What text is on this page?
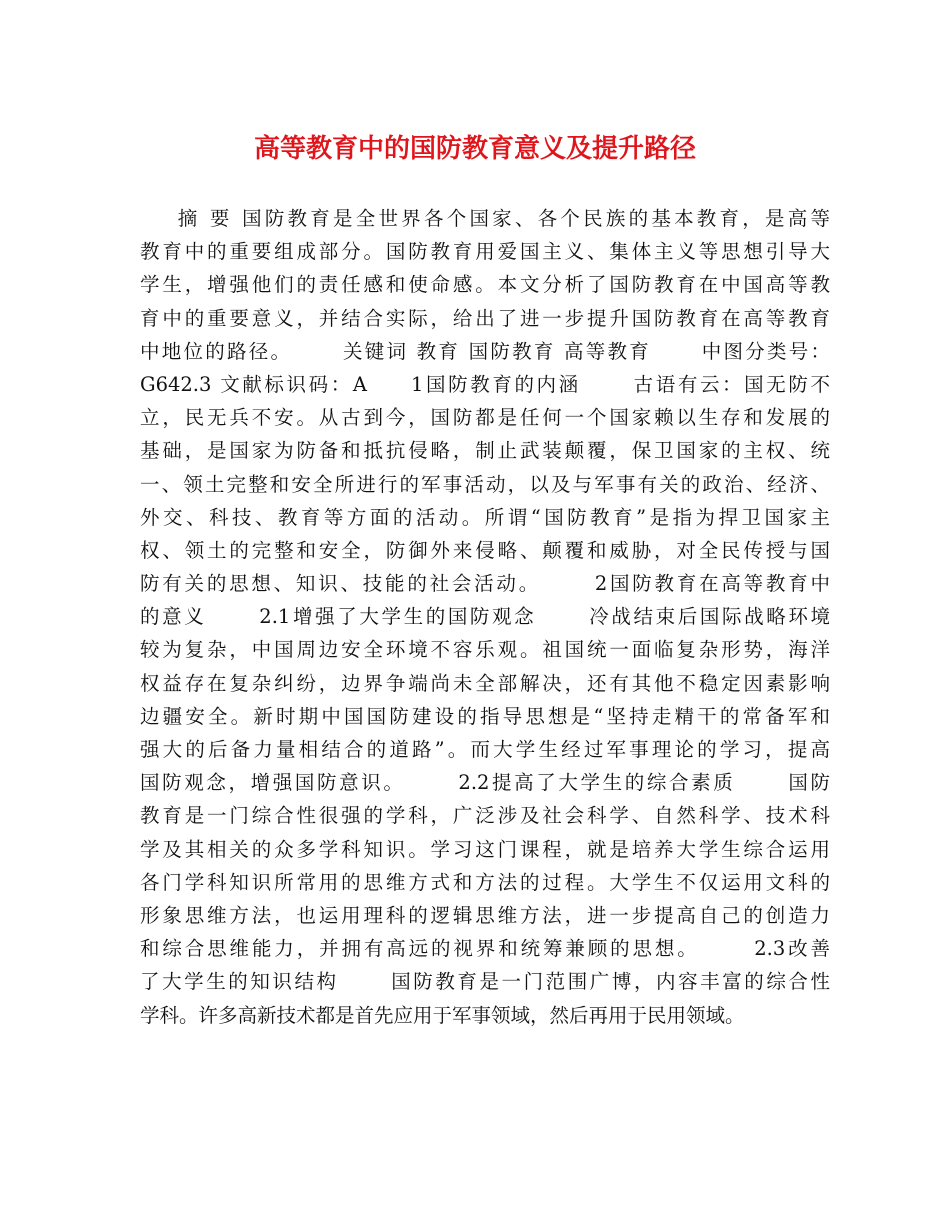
高等教育中的国防教育意义及提升路径
摘 要 国防教育是全世界各个国家、各个民族的基本教育，是高等
教育中的重要组成部分。国防教育用爱国主义、集体主义等思想引导大
学生，增强他们的责任感和使命感。本文分析了国防教育在中国高等教
育中的重要意义，并结合实际，给出了进一步提升国防教育在高等教育
中地位的路径。      关键词 教育 国防教育 高等教育      中图分类号：
G642.3 文献标识码：A     1国防教育的内涵      古语有云：国无防不
立，民无兵不安。从古到今，国防都是任何一个国家赖以生存和发展的
基础，是国家为防备和抵抗侵略，制止武装颠覆，保卫国家的主权、统
一、领土完整和安全所进行的军事活动，以及与军事有关的政治、经济、
外交、科技、教育等方面的活动。所谓“国防教育”是指为捍卫国家主
权、领土的完整和安全，防御外来侵略、颠覆和威胁，对全民传授与国
防有关的思想、知识、技能的社会活动。      2国防教育在高等教育中
的意义      2.1增强了大学生的国防观念      冷战结束后国际战略环境
较为复杂，中国周边安全环境不容乐观。祖国统一面临复杂形势，海洋
权益存在复杂纠纷，边界争端尚未全部解决，还有其他不稳定因素影响
边疆安全。新时期中国国防建设的指导思想是“坚持走精干的常备军和
强大的后备力量相结合的道路”。而大学生经过军事理论的学习，提高
国防观念，增强国防意识。      2.2提高了大学生的综合素质      国防
教育是一门综合性很强的学科，广泛涉及社会科学、自然科学、技术科
学及其相关的众多学科知识。学习这门课程，就是培养大学生综合运用
各门学科知识所常用的思维方式和方法的过程。大学生不仅运用文科的
形象思维方法，也运用理科的逻辑思维方法，进一步提高自己的创造力
和综合思维能力，并拥有高远的视界和统筹兼顾的思想。      2.3改善
了大学生的知识结构      国防教育是一门范围广博，内容丰富的综合性
学科。许多高新技术都是首先应用于军事领域，然后再用于民用领域。
